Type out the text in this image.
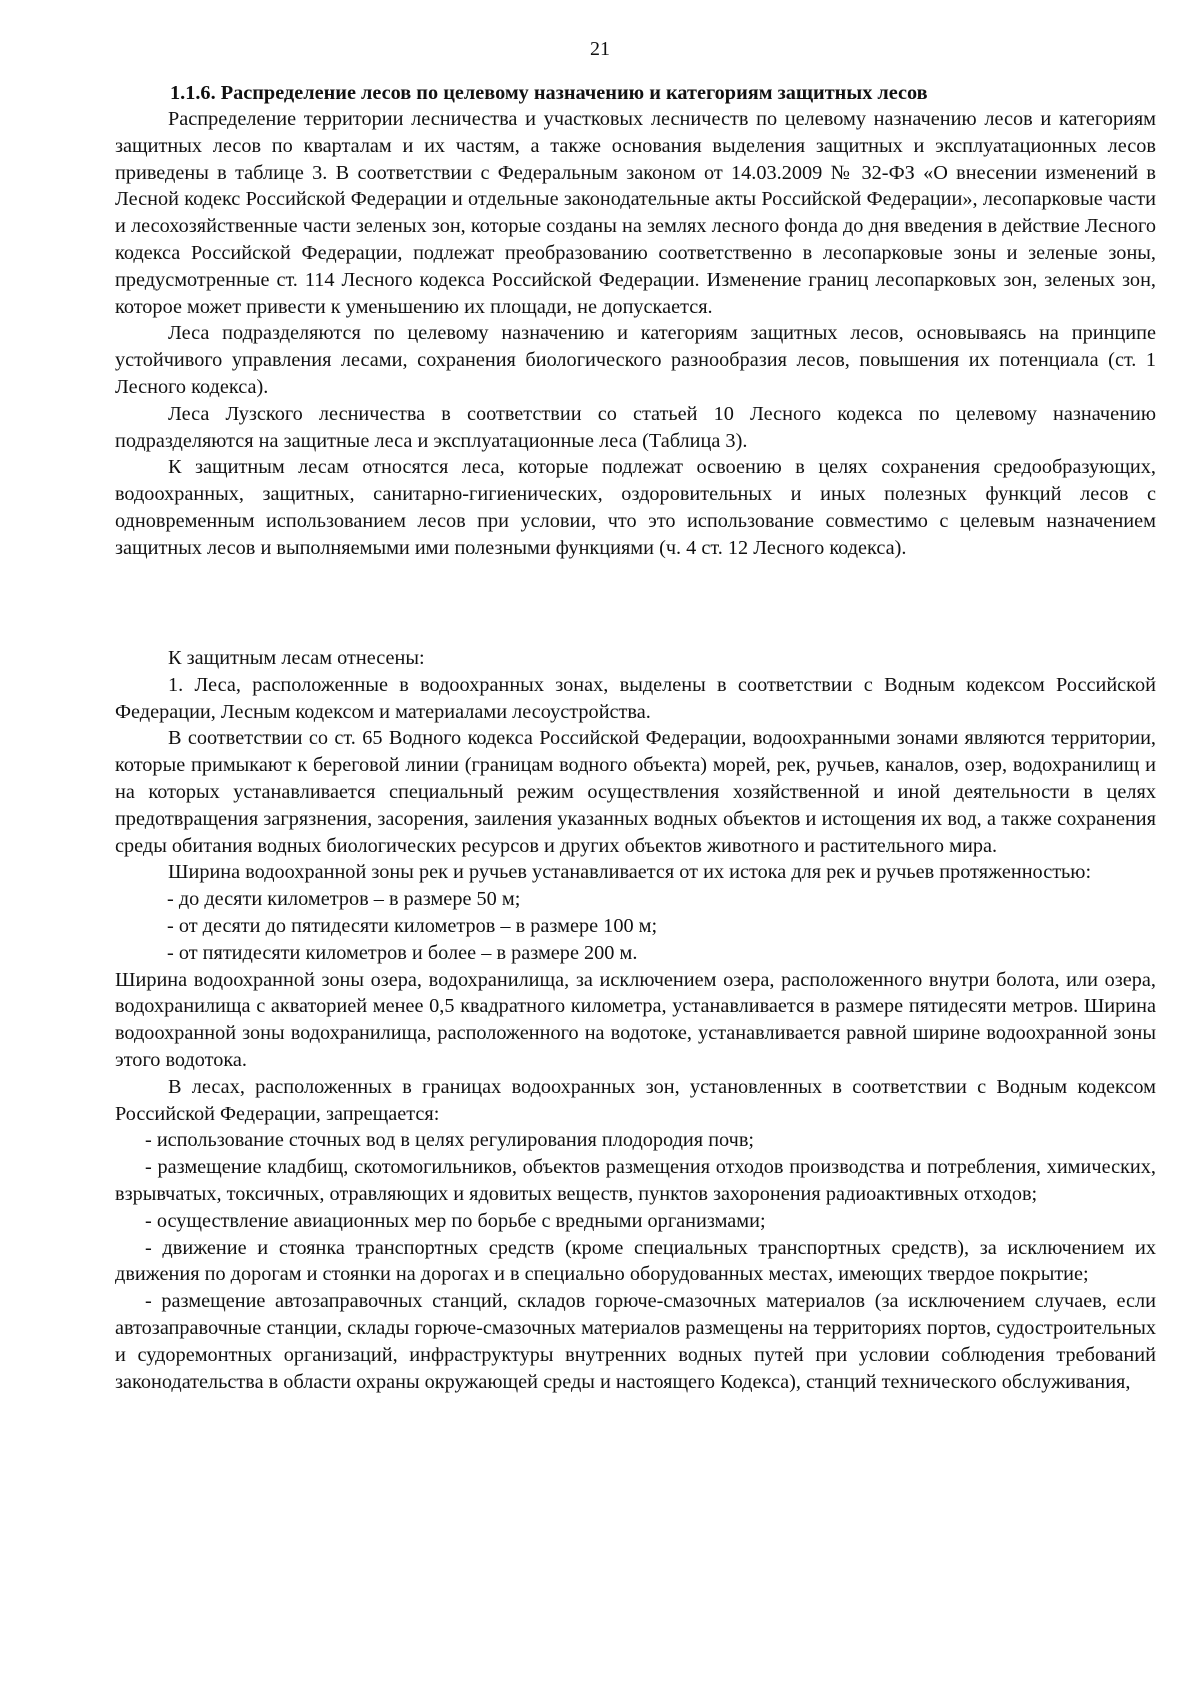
21
1.1.6. Распределение лесов по целевому назначению и категориям защитных лесов

Распределение территории лесничества и участковых лесничеств по целевому назначению лесов и категориям защитных лесов по кварталам и их частям, а также основания выделения защитных и эксплуатационных лесов приведены в таблице 3. В соответствии с Федеральным законом от 14.03.2009 № 32-ФЗ «О внесении изменений в Лесной кодекс Российской Федерации и отдельные законодательные акты Российской Федерации», лесопарковые части и лесохозяйственные части зеленых зон, которые созданы на землях лесного фонда до дня введения в действие Лесного кодекса Российской Федерации, подлежат преобразованию соответственно в лесопарковые зоны и зеленые зоны, предусмотренные ст. 114 Лесного кодекса Российской Федерации. Изменение границ лесопарковых зон, зеленых зон, которое может привести к уменьшению их площади, не допускается.

Леса подразделяются по целевому назначению и категориям защитных лесов, основываясь на принципе устойчивого управления лесами, сохранения биологического разнообразия лесов, повышения их потенциала (ст. 1 Лесного кодекса).

Леса Лузского лесничества в соответствии со статьей 10 Лесного кодекса по целевому назначению подразделяются на защитные леса и эксплуатационные леса (Таблица 3).

К защитным лесам относятся леса, которые подлежат освоению в целях сохранения средообразующих, водоохранных, защитных, санитарно-гигиенических, оздоровительных и иных полезных функций лесов с одновременным использованием лесов при условии, что это использование совместимо с целевым назначением защитных лесов и выполняемыми ими полезными функциями (ч. 4 ст. 12 Лесного кодекса).

К защитным лесам отнесены:

1. Леса, расположенные в водоохранных зонах, выделены в соответствии с Водным кодексом Российской Федерации, Лесным кодексом и материалами лесоустройства.

В соответствии со ст. 65 Водного кодекса Российской Федерации, водоохранными зонами являются территории, которые примыкают к береговой линии (границам водного объекта) морей, рек, ручьев, каналов, озер, водохранилищ и на которых устанавливается специальный режим осуществления хозяйственной и иной деятельности в целях предотвращения загрязнения, засорения, заиления указанных водных объектов и истощения их вод, а также сохранения среды обитания водных биологических ресурсов и других объектов животного и растительного мира.

Ширина водоохранной зоны рек и ручьев устанавливается от их истока для рек и ручьев протяженностью:

- до десяти километров – в размере 50 м;

- от десяти до пятидесяти километров – в размере 100 м;

- от пятидесяти километров и более – в размере 200 м.

Ширина водоохранной зоны озера, водохранилища, за исключением озера, расположенного внутри болота, или озера, водохранилища с акваторией менее 0,5 квадратного километра, устанавливается в размере пятидесяти метров. Ширина водоохранной зоны водохранилища, расположенного на водотоке, устанавливается равной ширине водоохранной зоны этого водотока.

В лесах, расположенных в границах водоохранных зон, установленных в соответствии с Водным кодексом Российской Федерации, запрещается:

- использование сточных вод в целях регулирования плодородия почв;

- размещение кладбищ, скотомогильников, объектов размещения отходов производства и потребления, химических, взрывчатых, токсичных, отравляющих и ядовитых веществ, пунктов захоронения радиоактивных отходов;

- осуществление авиационных мер по борьбе с вредными организмами;

- движение и стоянка транспортных средств (кроме специальных транспортных средств), за исключением их движения по дорогам и стоянки на дорогах и в специально оборудованных местах, имеющих твердое покрытие;

- размещение автозаправочных станций, складов горюче-смазочных материалов (за исключением случаев, если автозаправочные станции, склады горюче-смазочных материалов размещены на территориях портов, судостроительных и судоремонтных организаций, инфраструктуры внутренних водных путей при условии соблюдения требований законодательства в области охраны окружающей среды и настоящего Кодекса), станций технического обслуживания,
